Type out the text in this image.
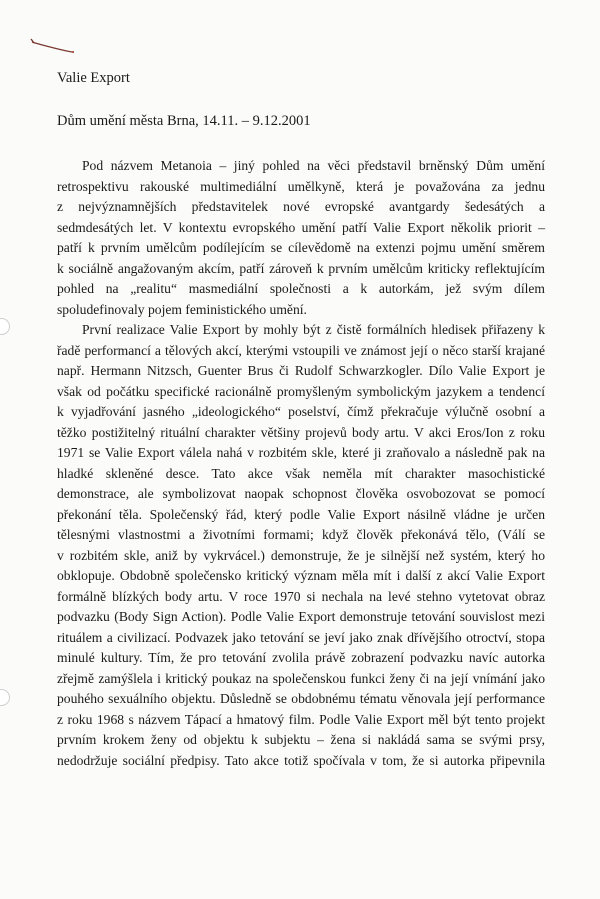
Valie Export
Dům umění města Brna, 14.11. – 9.12.2001
Pod názvem Metanoia – jiný pohled na věci představil brněnský Dům umění
retrospektivu rakouské multimediální umělkyně, která je považována za jednu
z nejvýznamnějších představitelek nové evropské avantgardy šedesátých a
sedmdesátých let. V kontextu evropského umění patří Valie Export několik priorit –
patří k prvním umělcům podílejícím se cílevědomě na extenzi pojmu umění směrem
k sociálně angažovaným akcím, patří zároveň k prvním umělcům kriticky reflektujícím
pohled na „realitu“ masmediální společnosti a k autorkám, jež svým dílem
spoludefinovaly pojem feministického umění.
První realizace Valie Export by mohly být z čistě formálních hledisek přiřazeny k
řadě performancí a tělových akcí, kterými vstoupili ve známost její o něco starší krajané
např. Hermann Nitzsch, Guenter Brus či Rudolf Schwarzkogler. Dílo Valie Export je
však od počátku specifické racionálně promyšleným symbolickým jazykem a tendencí
k vyjadřování jasného „ideologického“ poselství, čímž překračuje výlučně osobní a
těžko postižitelný rituální charakter většiny projevů body artu. V akci Eros/Ion z roku
1971 se Valie Export válela nahá v rozbitém skle, které ji zraňovalo a následně pak na
hladké skleněné desce. Tato akce však neměla mít charakter masochistické
demonstrace, ale symbolizovat naopak schopnost člověka osvobozovat se pomocí
překonání těla. Společenský řád, který podle Valie Export násilně vládne je určen
tělesnými vlastnostmi a životními formami; když člověk překonává tělo, (Válí se
v rozbitém skle, aniž by vykrvácel.) demonstruje, že je silnější než systém, který ho
obklopuje. Obdobně společensko kritický význam měla mít i další z akcí Valie Export
formálně blízkých body artu. V roce 1970 si nechala na levé stehno vytetovat obraz
podvazku (Body Sign Action). Podle Valie Export demonstruje tetování souvislost mezi
rituálem a civilizací. Podvazek jako tetování se jeví jako znak dřívějšího otroctví, stopa
minulé kultury. Tím, že pro tetování zvolila právě zobrazení podvazku navíc autorka
zřejmě zamýšlela i kritický poukaz na společenskou funkci ženy či na její vnímání jako
pouhého sexuálního objektu. Důsledně se obdobnému tématu věnovala její performance
z roku 1968 s názvem Tápací a hmatový film. Podle Valie Export měl být tento projekt
prvním krokem ženy od objektu k subjektu – žena si nakládá sama se svými prsy,
nedodržuje sociální předpisy. Tato akce totiž spočívala v tom, že si autorka připevnila
